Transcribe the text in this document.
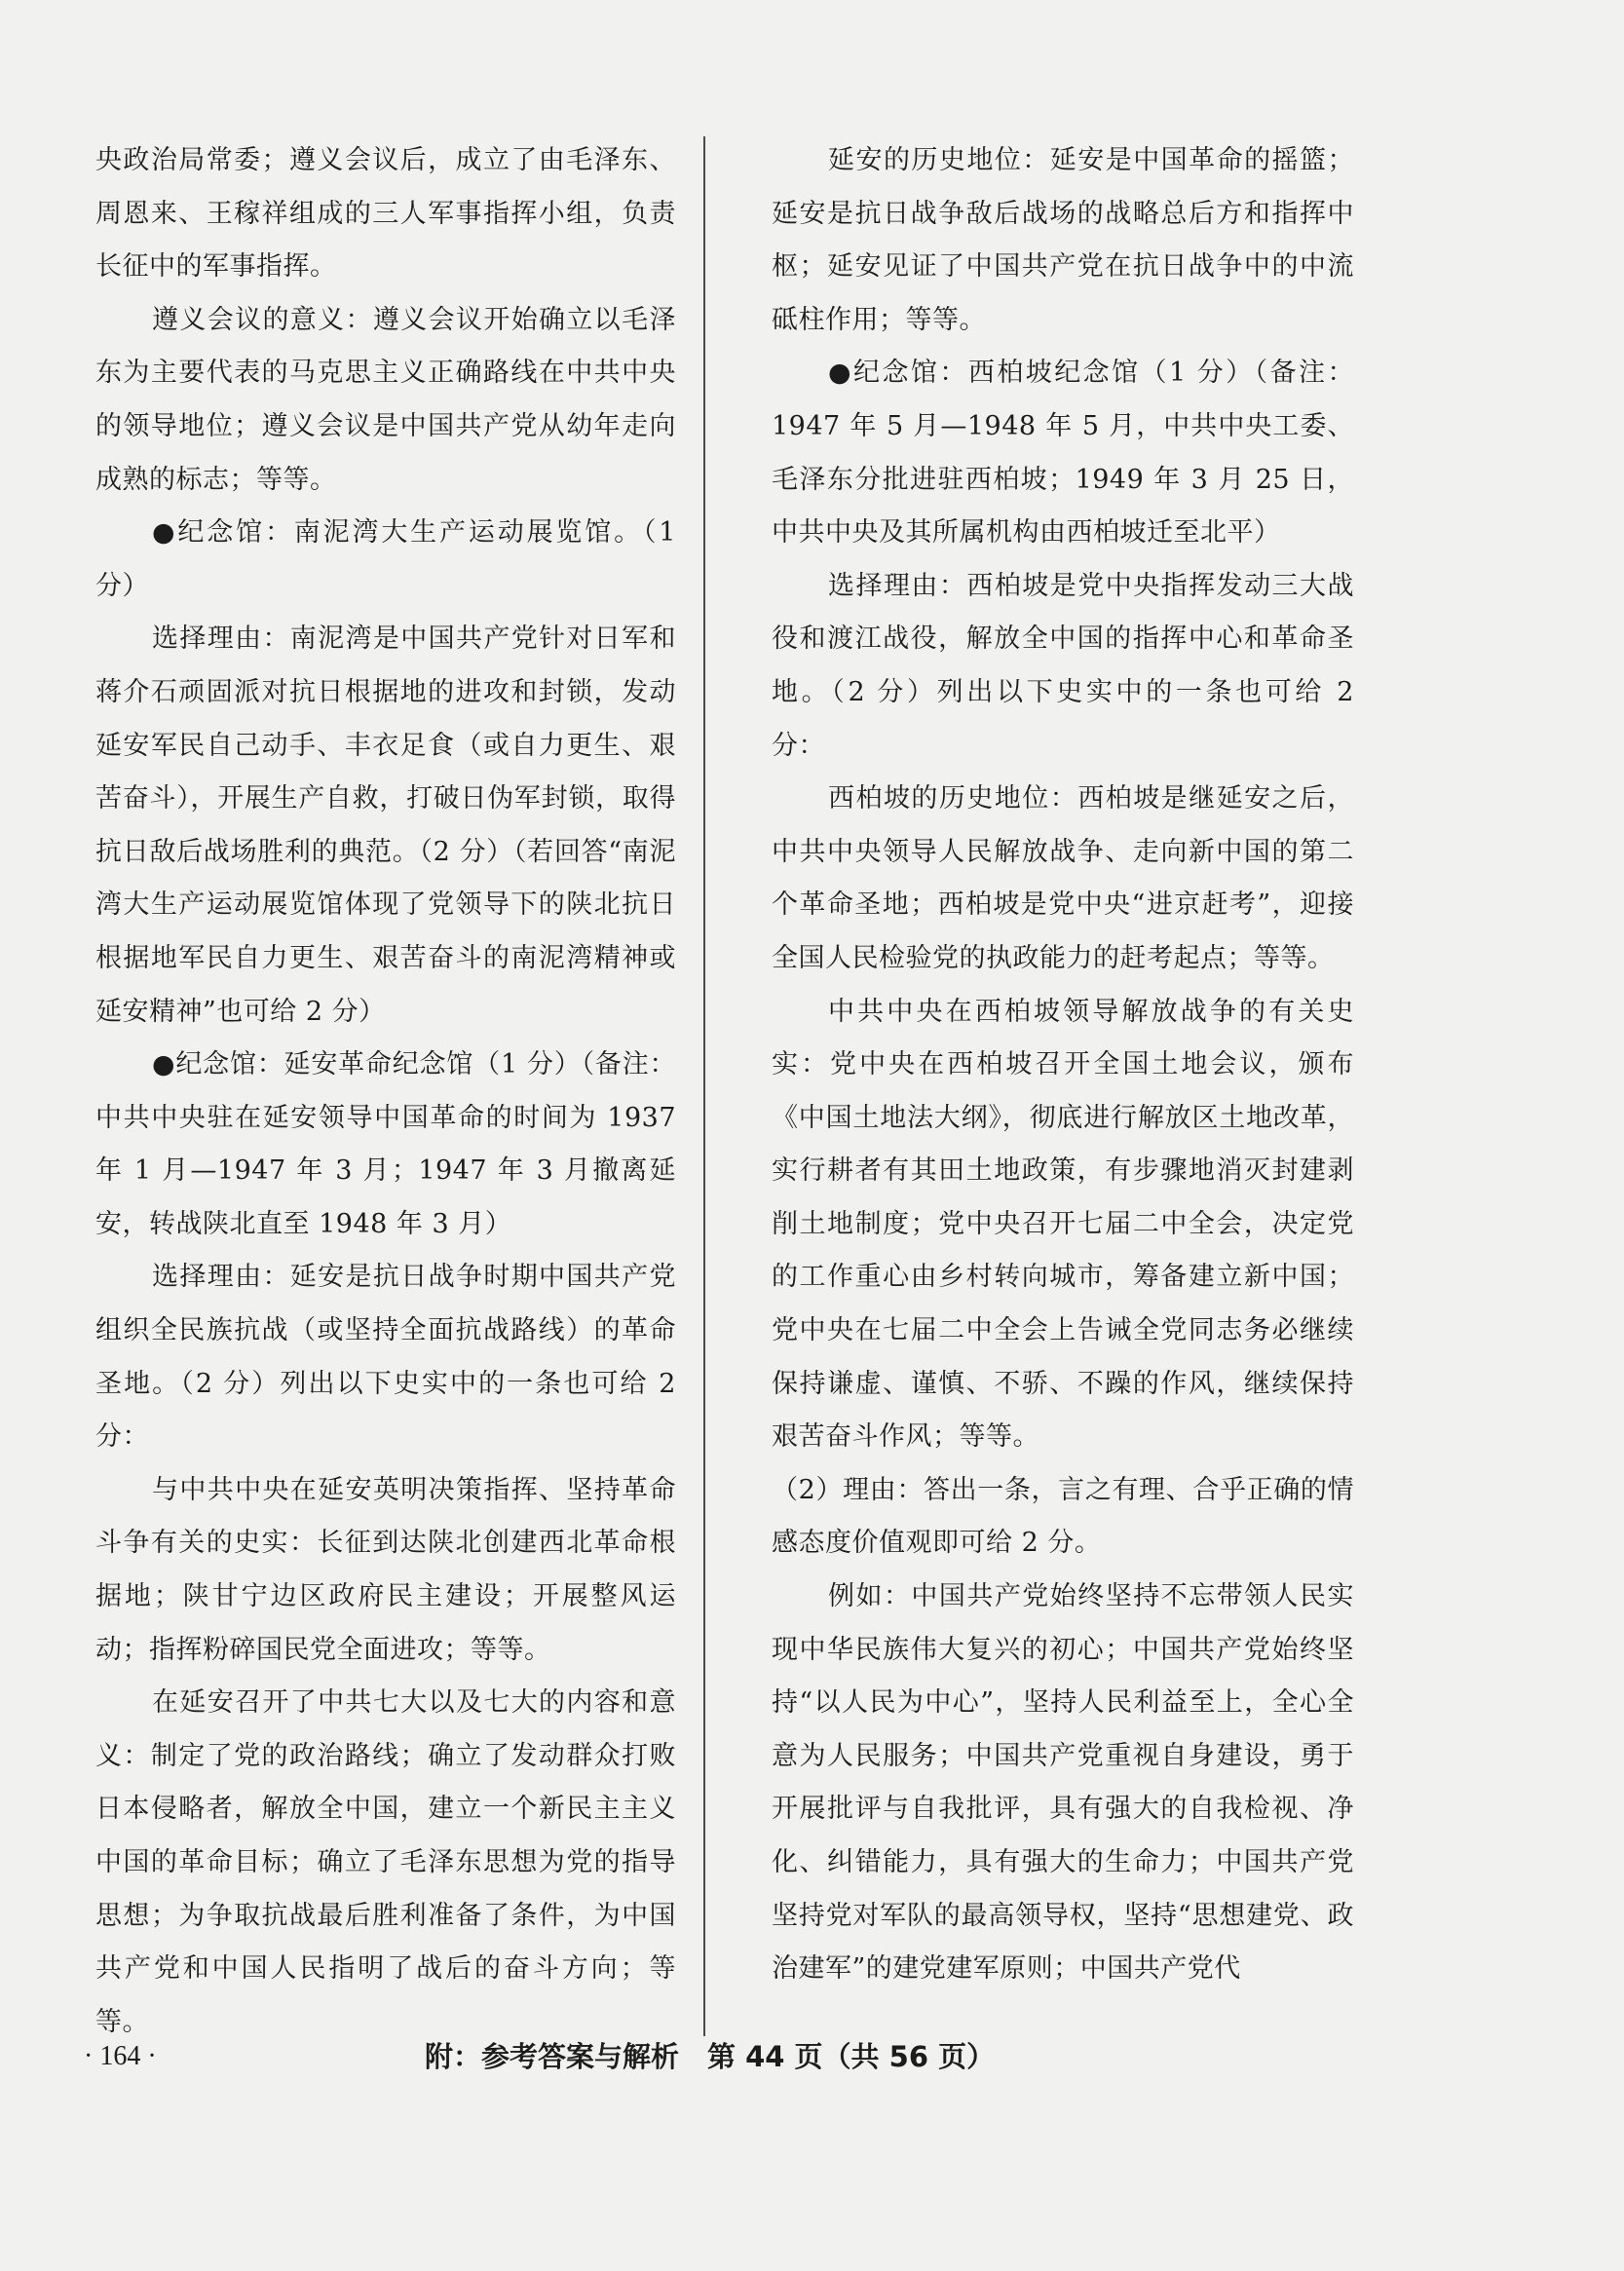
央政治局常委；遵义会议后，成立了由毛泽东、周恩来、王稼祥组成的三人军事指挥小组，负责长征中的军事指挥。

遵义会议的意义：遵义会议开始确立以毛泽东为主要代表的马克思主义正确路线在中共中央的领导地位；遵义会议是中国共产党从幼年走向成熟的标志；等等。

●纪念馆：南泥湾大生产运动展览馆。（1 分）

选择理由：南泥湾是中国共产党针对日军和蒋介石顽固派对抗日根据地的进攻和封锁，发动延安军民自己动手、丰衣足食（或自力更生、艰苦奋斗），开展生产自救，打破日伪军封锁，取得抗日敌后战场胜利的典范。（2 分）（若回答“南泥湾大生产运动展览馆体现了党领导下的陕北抗日根据地军民自力更生、艰苦奋斗的南泥湾精神或延安精神”也可给 2 分）

●纪念馆：延安革命纪念馆（1 分）（备注：中共中央驻在延安领导中国革命的时间为 1937 年 1 月—1947 年 3 月；1947 年 3 月撤离延安，转战陕北直至 1948 年 3 月）

选择理由：延安是抗日战争时期中国共产党组织全民族抗战（或坚持全面抗战路线）的革命圣地。（2 分）列出以下史实中的一条也可给 2 分：

与中共中央在延安英明决策指挥、坚持革命斗争有关的史实：长征到达陕北创建西北革命根据地；陕甘宁边区政府民主建设；开展整风运动；指挥粉碎国民党全面进攻；等等。

在延安召开了中共七大以及七大的内容和意义：制定了党的政治路线；确立了发动群众打败日本侵略者，解放全中国，建立一个新民主主义中国的革命目标；确立了毛泽东思想为党的指导思想；为争取抗战最后胜利准备了条件，为中国共产党和中国人民指明了战后的奋斗方向；等等。

延安的历史地位：延安是中国革命的摇篮；延安是抗日战争敌后战场的战略总后方和指挥中枢；延安见证了中国共产党在抗日战争中的中流砥柱作用；等等。

●纪念馆：西柏坡纪念馆（1 分）（备注：1947 年 5 月—1948 年 5 月，中共中央工委、毛泽东分批进驻西柏坡；1949 年 3 月 25 日，中共中央及其所属机构由西柏坡迁至北平）

选择理由：西柏坡是党中央指挥发动三大战役和渡江战役，解放全中国的指挥中心和革命圣地。（2 分）列出以下史实中的一条也可给 2 分：

西柏坡的历史地位：西柏坡是继延安之后，中共中央领导人民解放战争、走向新中国的第二个革命圣地；西柏坡是党中央“进京赶考”，迎接全国人民检验党的执政能力的赶考起点；等等。

中共中央在西柏坡领导解放战争的有关史实：党中央在西柏坡召开全国土地会议，颁布《中国土地法大纲》，彻底进行解放区土地改革，实行耕者有其田土地政策，有步骤地消灭封建剥削土地制度；党中央召开七届二中全会，决定党的工作重心由乡村转向城市，筹备建立新中国；党中央在七届二中全会上告诫全党同志务必继续保持谦虚、谨慎、不骄、不躁的作风，继续保持艰苦奋斗作风；等等。

（2）理由：答出一条，言之有理、合乎正确的情感态度价值观即可给 2 分。

例如：中国共产党始终坚持不忘带领人民实现中华民族伟大复兴的初心；中国共产党始终坚持“以人民为中心”，坚持人民利益至上，全心全意为人民服务；中国共产党重视自身建设，勇于开展批评与自我批评，具有强大的自我检视、净化、纠错能力，具有强大的生命力；中国共产党坚持党对军队的最高领导权，坚持“思想建党、政治建军”的建党建军原则；中国共产党代

· 164 ·	附：参考答案与解析　第 44 页（共 56 页）
